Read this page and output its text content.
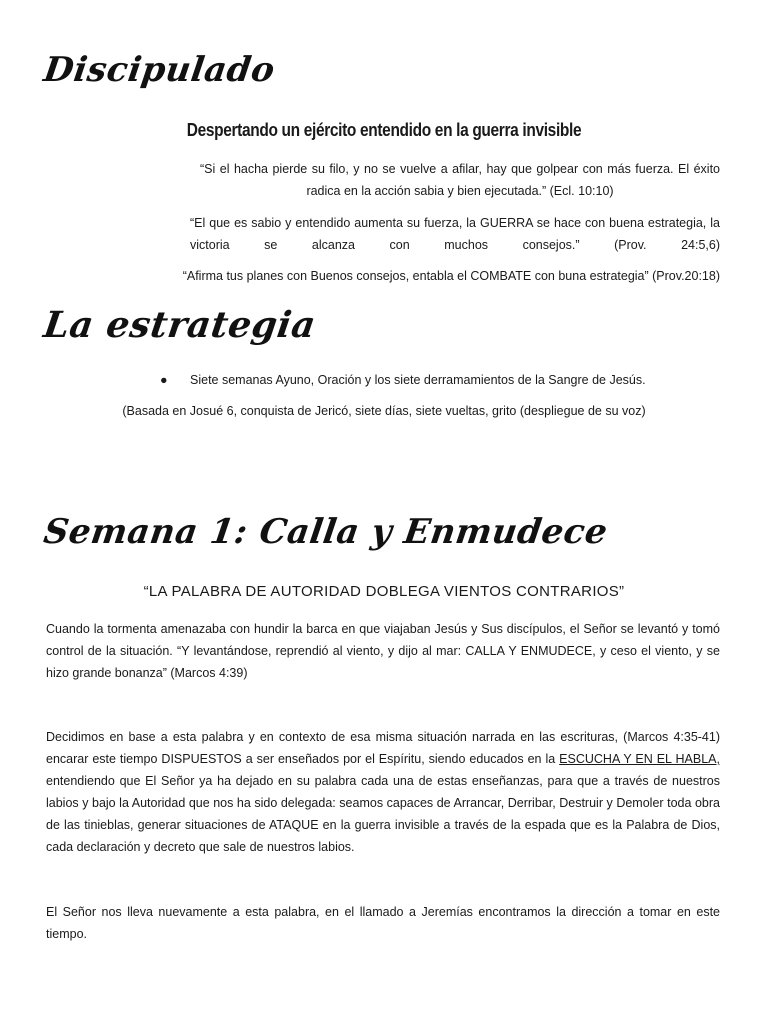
Discipulado

Despertando un ejército entendido en la guerra invisible

“Si el hacha pierde su filo, y no se vuelve a afilar, hay que golpear con más fuerza. El éxito radica en la acción sabia y bien ejecutada.” (Ecl. 10:10)

“El que es sabio y entendido aumenta su fuerza, la GUERRA se hace con buena estrategia, la victoria se alcanza con muchos consejos.” (Prov. 24:5,6)

“Afirma tus planes con Buenos consejos, entabla el COMBATE con buna estrategia” (Prov.20:18)

La estrategia

● Siete semanas Ayuno, Oración y los siete derramamientos de la Sangre de Jesús.

(Basada en Josué 6, conquista de Jericó, siete días, siete vueltas, grito (despliegue de su voz)

Semana 1: Calla y Enmudece

“LA PALABRA DE AUTORIDAD DOBLEGA VIENTOS CONTRARIOS”

Cuando la tormenta amenazaba con hundir la barca en que viajaban Jesús y Sus discípulos, el Señor se levantó y tomó control de la situación. “Y levantándose, reprendió al viento, y dijo al mar: CALLA Y ENMUDECE, y ceso el viento, y se hizo grande bonanza” (Marcos 4:39)

Decidimos en base a esta palabra y en contexto de esa misma situación narrada en las escrituras, (Marcos 4:35-41) encarar este tiempo DISPUESTOS a ser enseñados por el Espíritu, siendo educados en la ESCUCHA Y EN EL HABLA, entendiendo que El Señor ya ha dejado en su palabra cada una de estas enseñanzas, para que a través de nuestros labios y bajo la Autoridad que nos ha sido delegada: seamos capaces de Arrancar, Derribar, Destruir y Demoler toda obra de las tinieblas, generar situaciones de ATAQUE en la guerra invisible a través de la espada que es la Palabra de Dios, cada declaración y decreto que sale de nuestros labios.

El Señor nos lleva nuevamente a esta palabra, en el llamado a Jeremías encontramos la dirección a tomar en este tiempo.
